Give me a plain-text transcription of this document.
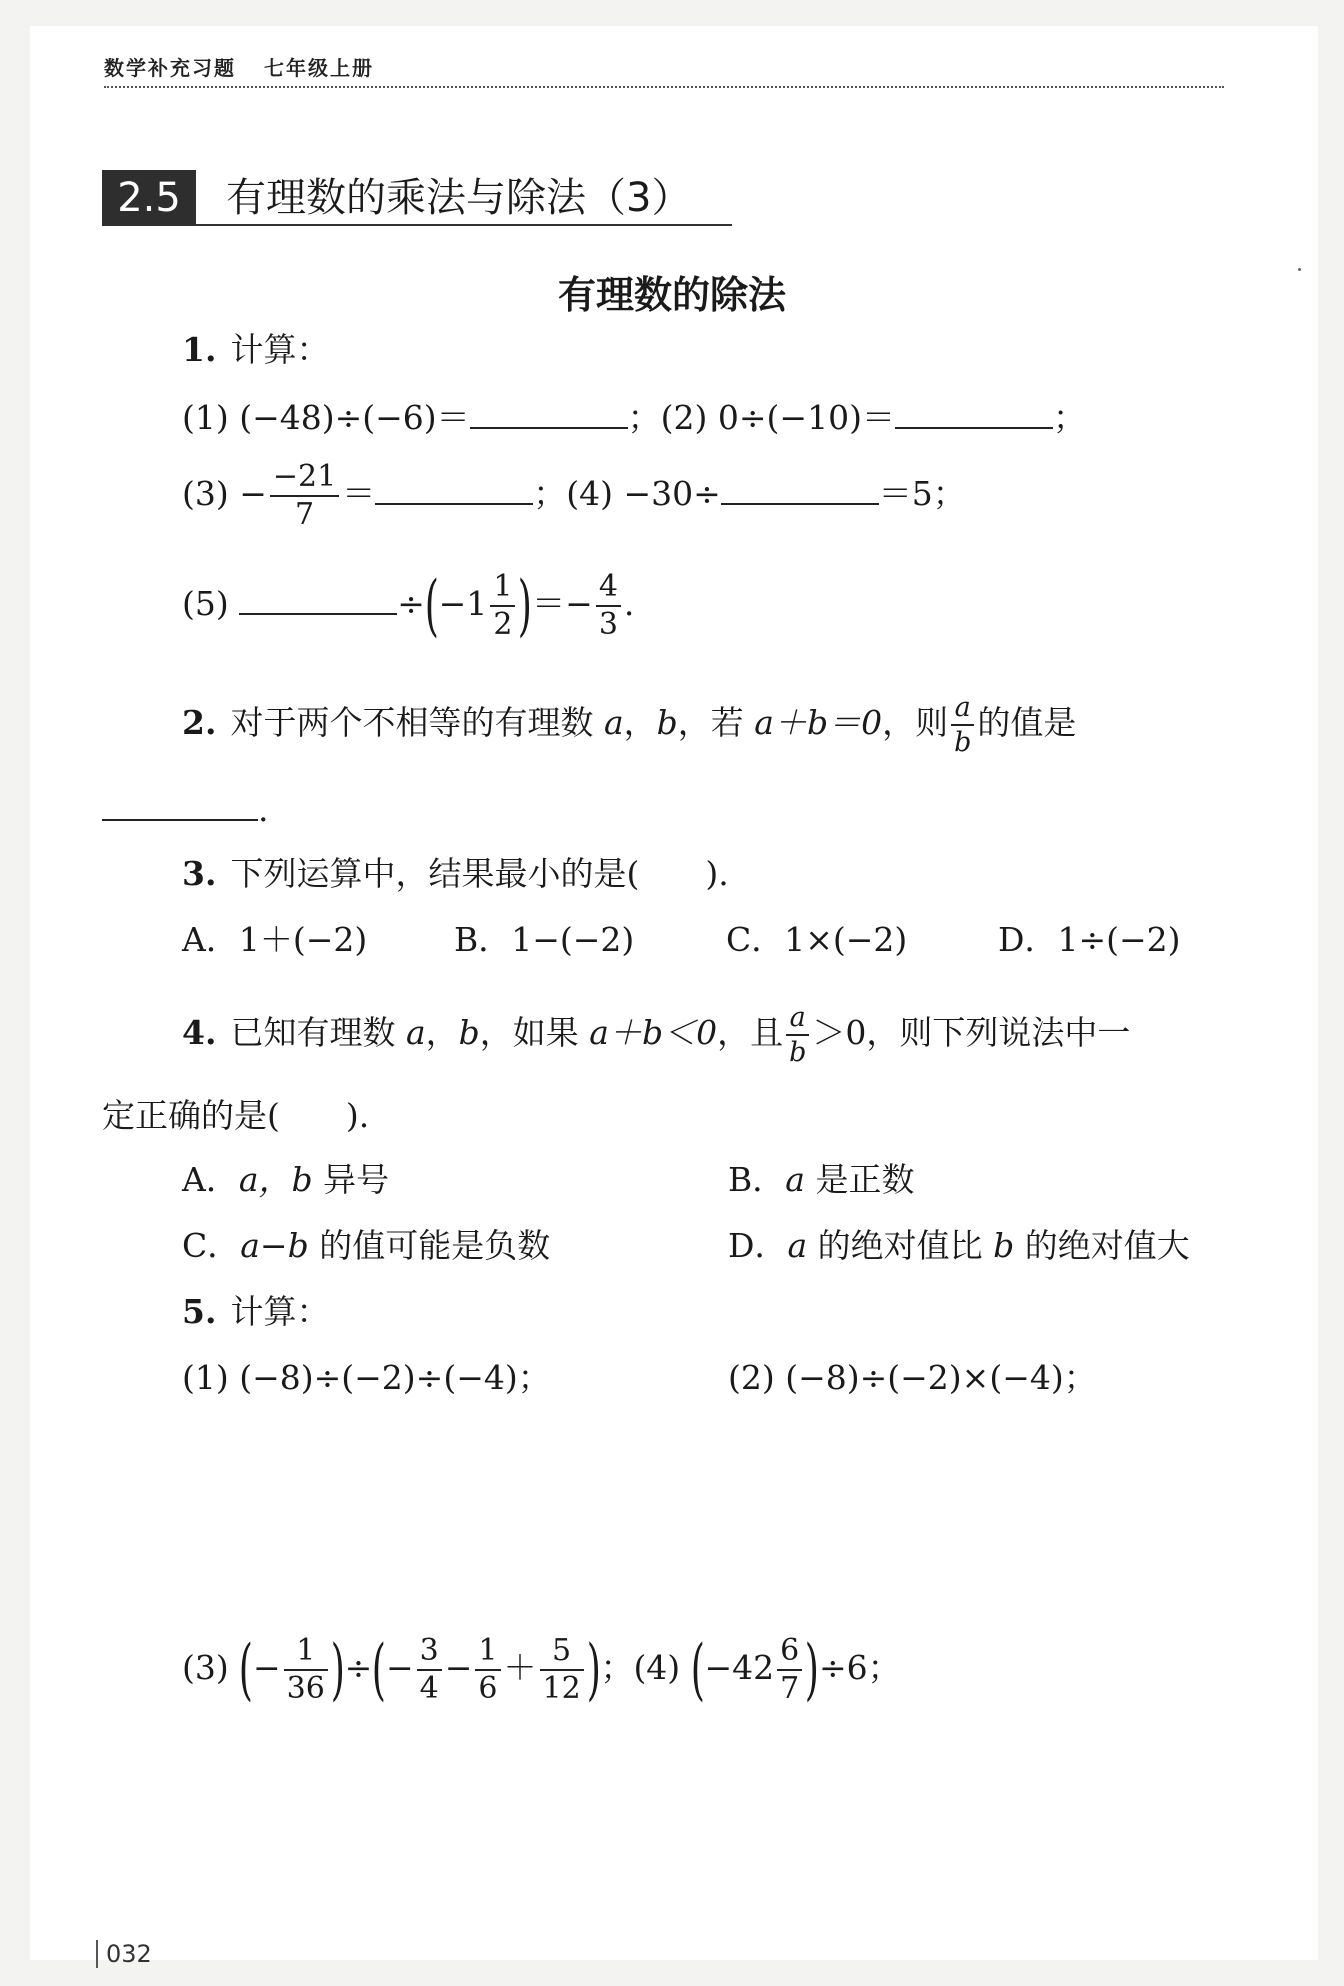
数学补充习题 七年级上册
2.5	有理数的乘法与除法（3）
有理数的除法
1. 计算：
(1) (−48)÷(−6)＝	；(2) 0÷(−10)＝	；
$(3) - \frac{-21}{7}$ ＝	；(4) −30÷	＝5；
(5)	$\div(-1 \frac{1}{2}$ )＝− $\frac{4}{3}$ .
2. 对于两个不相等的有理数 a，b，若 a＋b＝0，则 $\frac{a}{b}$ 的值是
.
3. 下列运算中，结果最小的是(　　).
A．1＋(−2)	B．1−(−2)	C．1×(−2)	D．1÷(−2)
4. 已知有理数 a，b，如果 a＋b＜0，且 $\frac{a}{b} >0$，则下列说法中一
定正确的是(　　).
A．a，b 异号	B．a 是正数
C．a−b 的值可能是负数	D．a 的绝对值比 b 的绝对值大
5. 计算：
(1) (−8)÷(−2)÷(−4)；	(2) (−8)÷(−2)×(−4)；
(3) (− $\frac{1}{36}$ )÷(− $\frac{3}{4} - \frac{1}{6} + \frac{5}{12}$ )；(4) $(-42 \frac{6}{7} )\div 6$；
032
